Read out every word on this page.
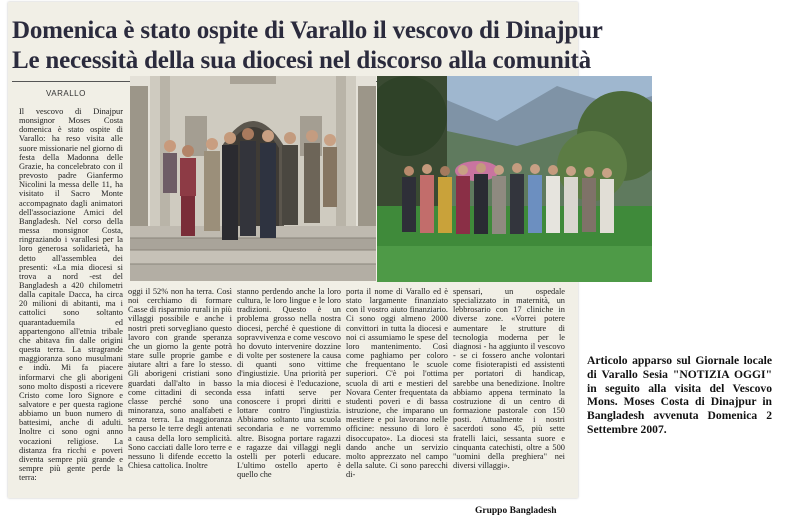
Domenica è stato ospite di Varallo il vescovo di Dinajpur
Le necessità della sua diocesi nel discorso alla comunità
VARALLO
Il vescovo di Dinajpur monsignor Moses Costa domenica è stato ospite di Varallo: ha reso visita alle suore missionarie nel giorno di festa della Madonna delle Grazie, ha concelebrato con il prevosto padre Gianfermo Nicolini la messa delle 11, ha visitato il Sacro Monte accompagnato dagli animatori dell'associazione Amici del Bangladesh. Nel corso della messa monsignor Costa, ringraziando i varallesi per la loro generosa solidarietà, ha detto all'assemblea dei presenti: «La mia diocesi si trova a nord -est del Bangladesh a 420 chilometri dalla capitale Dacca, ha circa 20 milioni di abitanti, ma i cattolici sono soltanto quarantaduemila ed appartengono all'etnia tribale che abitava fin dalle origini questa terra. La stragrande maggioranza sono musulmani e indù. Mi fa piacere informarvi che gli aborigeni sono molto disposti a ricevere Cristo come loro Signore e salvatore e per questa ragione abbiamo un buon numero di battesimi, anche di adulti. Inoltre ci sono ogni anno vocazioni religiose. La distanza fra ricchi e poveri diventa sempre più grande e sempre più gente perde la terra:
oggi il 52% non ha terra. Così noi cerchiamo di formare Casse di risparmio rurali in più villaggi possibile e anche i nostri preti sorvegliano questo lavoro con grande speranza che un giorno la gente potrà stare sulle proprie gambe e aiutare altri a fare lo stesso. Gli aborigeni cristiani sono guardati dall'alto in basso come cittadini di seconda classe perché sono una minoranza, sono analfabeti e senza terra. La maggioranza ha perso le terre degli antenati a causa della loro semplicità. Sono cacciati dalle loro terre e nessuno li difende eccetto la Chiesa cattolica. Inoltre
stanno perdendo anche la loro cultura, le loro lingue e le loro tradizioni. Questo è un problema grosso nella nostra diocesi, perché è questione di sopravvivenza e come vescovo ho dovuto intervenire dozzine di volte per sostenere la causa di quanti sono vittime d'ingiustizie. Una priorità per la mia diocesi è l'educazione, essa infatti serve per conoscere i propri diritti e lottare contro l'ingiustizia. Abbiamo soltanto una scuola secondaria e ne vorremmo altre. Bisogna portare ragazzi e ragazze dai villaggi negli ostelli per poterli educare. L'ultimo ostello aperto è quello che
porta il nome di Varallo ed è stato largamente finanziato con il vostro aiuto finanziario. Ci sono oggi almeno 2000 convittori in tutta la diocesi e noi ci assumiamo le spese del loro mantenimento. Così come paghiamo per coloro che frequentano le scuole superiori. C'è poi l'ottima scuola di arti e mestieri del Novara Center frequentata da studenti poveri e di bassa istruzione, che imparano un mestiere e poi lavorano nelle officine: nessuno di loro è disoccupato». La diocesi sta dando anche un servizio molto apprezzato nel campo della salute. Ci sono parecchi di-
spensari, un ospedale specializzato in maternità, un lebbrosario con 17 cliniche in diverse zone. «Vorrei potere aumentare le strutture di tecnologia moderna per le diagnosi - ha aggiunto il vescovo - se ci fossero anche volontari come fisioterapisti ed assistenti per portatori di handicap, sarebbe una benedizione. Inoltre abbiamo appena terminato la costruzione di un centro di formazione pastorale con 150 posti. Attualmente i nostri sacerdoti sono 45, più sette fratelli laici, sessanta suore e cinquanta catechisti, oltre a 500 "uomini della preghiera" nei diversi villaggi».
Articolo apparso sul Giornale locale di Varallo Sesia "NOTIZIA OGGI" in seguito alla visita del Vescovo Mons. Moses Costa di Dinajpur in Bangladesh avvenuta Domenica 2 Settembre 2007.
Gruppo Bangladesh
